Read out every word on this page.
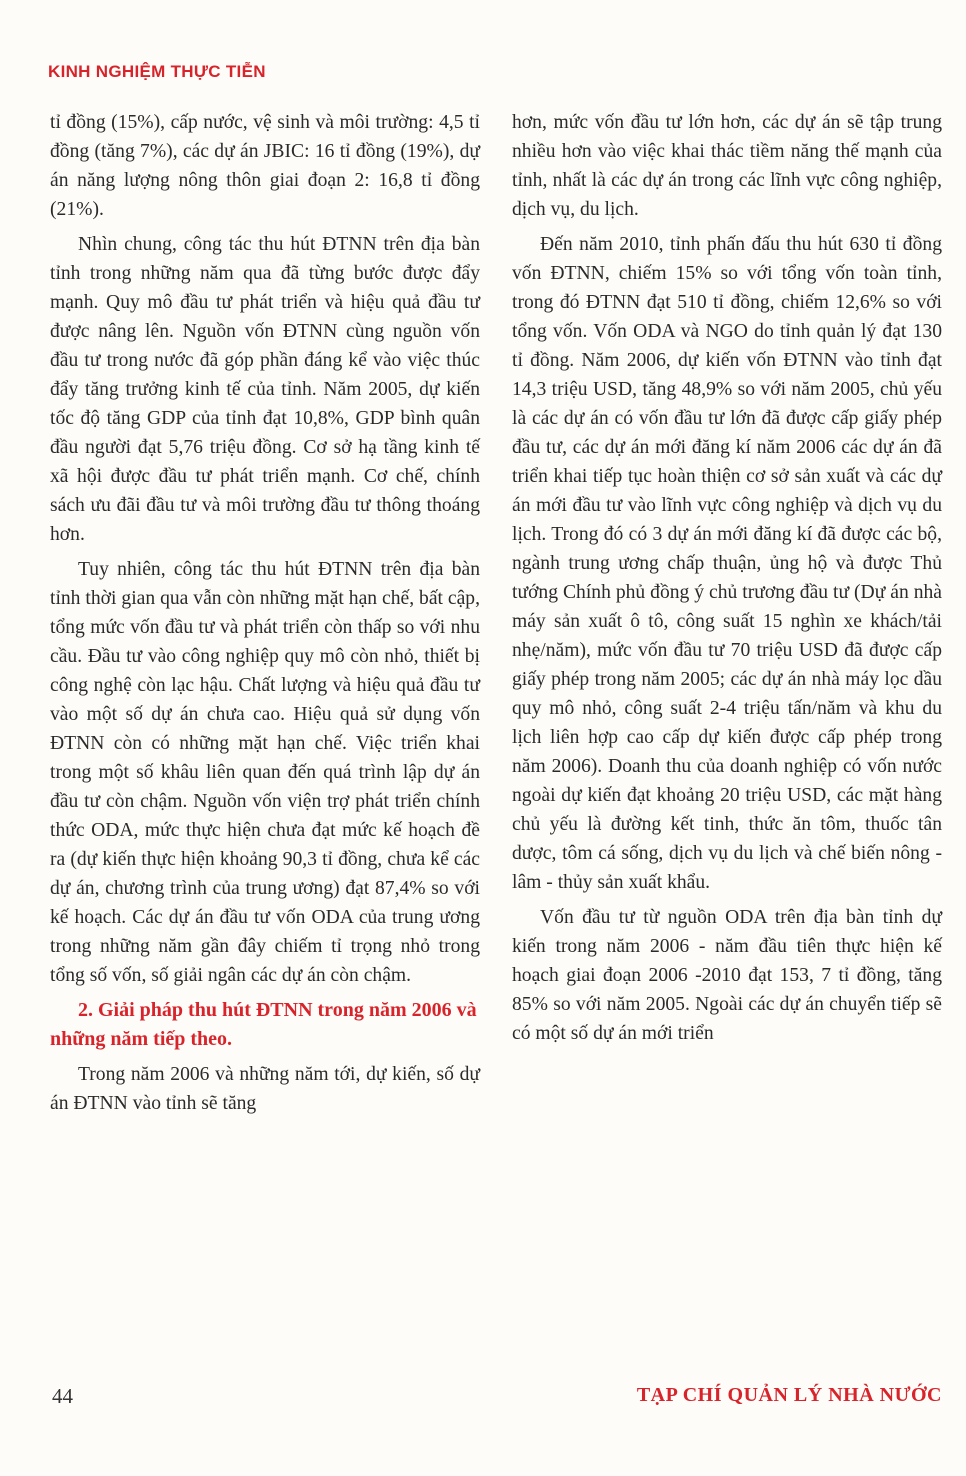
KINH NGHIỆM THỰC TIỄN

tỉ đồng (15%), cấp nước, vệ sinh và môi trường: 4,5 tỉ đồng (tăng 7%), các dự án JBIC: 16 tỉ đồng (19%), dự án năng lượng nông thôn giai đoạn 2: 16,8 tỉ đồng (21%).

Nhìn chung, công tác thu hút ĐTNN trên địa bàn tỉnh trong những năm qua đã từng bước được đẩy mạnh. Quy mô đầu tư phát triển và hiệu quả đầu tư được nâng lên. Nguồn vốn ĐTNN cùng nguồn vốn đầu tư trong nước đã góp phần đáng kể vào việc thúc đẩy tăng trưởng kinh tế của tỉnh. Năm 2005, dự kiến tốc độ tăng GDP của tỉnh đạt 10,8%, GDP bình quân đầu người đạt 5,76 triệu đồng. Cơ sở hạ tầng kinh tế xã hội được đầu tư phát triển mạnh. Cơ chế, chính sách ưu đãi đầu tư và môi trường đầu tư thông thoáng hơn.

Tuy nhiên, công tác thu hút ĐTNN trên địa bàn tỉnh thời gian qua vẫn còn những mặt hạn chế, bất cập, tổng mức vốn đầu tư và phát triển còn thấp so với nhu cầu. Đầu tư vào công nghiệp quy mô còn nhỏ, thiết bị công nghệ còn lạc hậu. Chất lượng và hiệu quả đầu tư vào một số dự án chưa cao. Hiệu quả sử dụng vốn ĐTNN còn có những mặt hạn chế. Việc triển khai trong một số khâu liên quan đến quá trình lập dự án đầu tư còn chậm. Nguồn vốn viện trợ phát triển chính thức ODA, mức thực hiện chưa đạt mức kế hoạch đề ra (dự kiến thực hiện khoảng 90,3 tỉ đồng, chưa kể các dự án, chương trình của trung ương) đạt 87,4% so với kế hoạch. Các dự án đầu tư vốn ODA của trung ương trong những năm gần đây chiếm tỉ trọng nhỏ trong tổng số vốn, số giải ngân các dự án còn chậm.

2. Giải pháp thu hút ĐTNN trong năm 2006 và những năm tiếp theo.

Trong năm 2006 và những năm tới, dự kiến, số dự án ĐTNN vào tỉnh sẽ tăng

hơn, mức vốn đầu tư lớn hơn, các dự án sẽ tập trung nhiều hơn vào việc khai thác tiềm năng thế mạnh của tỉnh, nhất là các dự án trong các lĩnh vực công nghiệp, dịch vụ, du lịch.

Đến năm 2010, tỉnh phấn đấu thu hút 630 tỉ đồng vốn ĐTNN, chiếm 15% so với tổng vốn toàn tỉnh, trong đó ĐTNN đạt 510 tỉ đồng, chiếm 12,6% so với tổng vốn. Vốn ODA và NGO do tỉnh quản lý đạt 130 tỉ đồng. Năm 2006, dự kiến vốn ĐTNN vào tỉnh đạt 14,3 triệu USD, tăng 48,9% so với năm 2005, chủ yếu là các dự án có vốn đầu tư lớn đã được cấp giấy phép đầu tư, các dự án mới đăng kí năm 2006 các dự án đã triển khai tiếp tục hoàn thiện cơ sở sản xuất và các dự án mới đầu tư vào lĩnh vực công nghiệp và dịch vụ du lịch. Trong đó có 3 dự án mới đăng kí đã được các bộ, ngành trung ương chấp thuận, ủng hộ và được Thủ tướng Chính phủ đồng ý chủ trương đầu tư (Dự án nhà máy sản xuất ô tô, công suất 15 nghìn xe khách/tải nhẹ/năm), mức vốn đầu tư 70 triệu USD đã được cấp giấy phép trong năm 2005; các dự án nhà máy lọc dầu quy mô nhỏ, công suất 2-4 triệu tấn/năm và khu du lịch liên hợp cao cấp dự kiến được cấp phép trong năm 2006). Doanh thu của doanh nghiệp có vốn nước ngoài dự kiến đạt khoảng 20 triệu USD, các mặt hàng chủ yếu là đường kết tinh, thức ăn tôm, thuốc tân dược, tôm cá sống, dịch vụ du lịch và chế biến nông - lâm - thủy sản xuất khẩu.

Vốn đầu tư từ nguồn ODA trên địa bàn tỉnh dự kiến trong năm 2006 - năm đầu tiên thực hiện kế hoạch giai đoạn 2006 -2010 đạt 153, 7 tỉ đồng, tăng 85% so với năm 2005. Ngoài các dự án chuyển tiếp sẽ có một số dự án mới triển

44	TẠP CHÍ QUẢN LÝ NHÀ NƯỚC
